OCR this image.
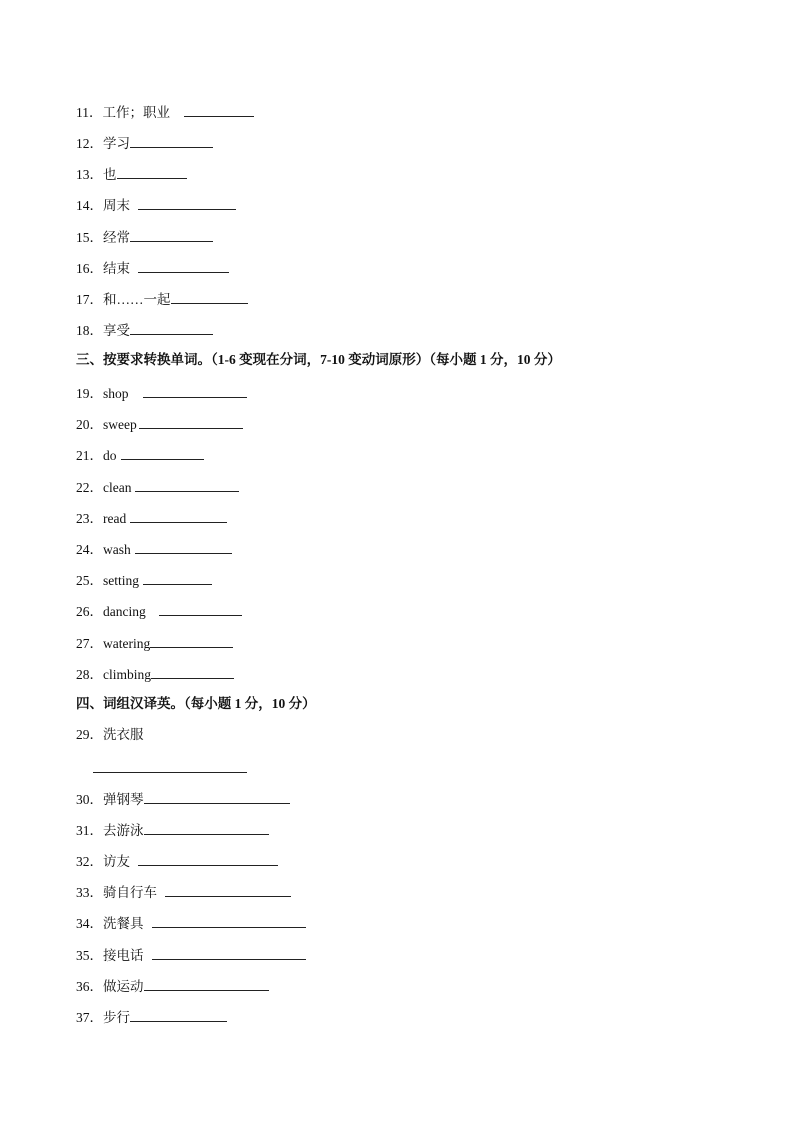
11．工作；职业
12．学习
13．也
14．周末
15．经常
16．结束
17．和……一起
18．享受
三、按要求转换单词。（1-6 变现在分词，7-10 变动词原形）（每小题 1 分，10 分）
19．shop
20．sweep
21．do
22．clean
23．read
24．wash
25．setting
26．dancing
27．watering
28．climbing
四、词组汉译英。（每小题 1 分，10 分）
29．洗衣服
30．弹钢琴
31．去游泳
32．访友
33．骑自行车
34．洗餐具
35．接电话
36．做运动
37．步行
